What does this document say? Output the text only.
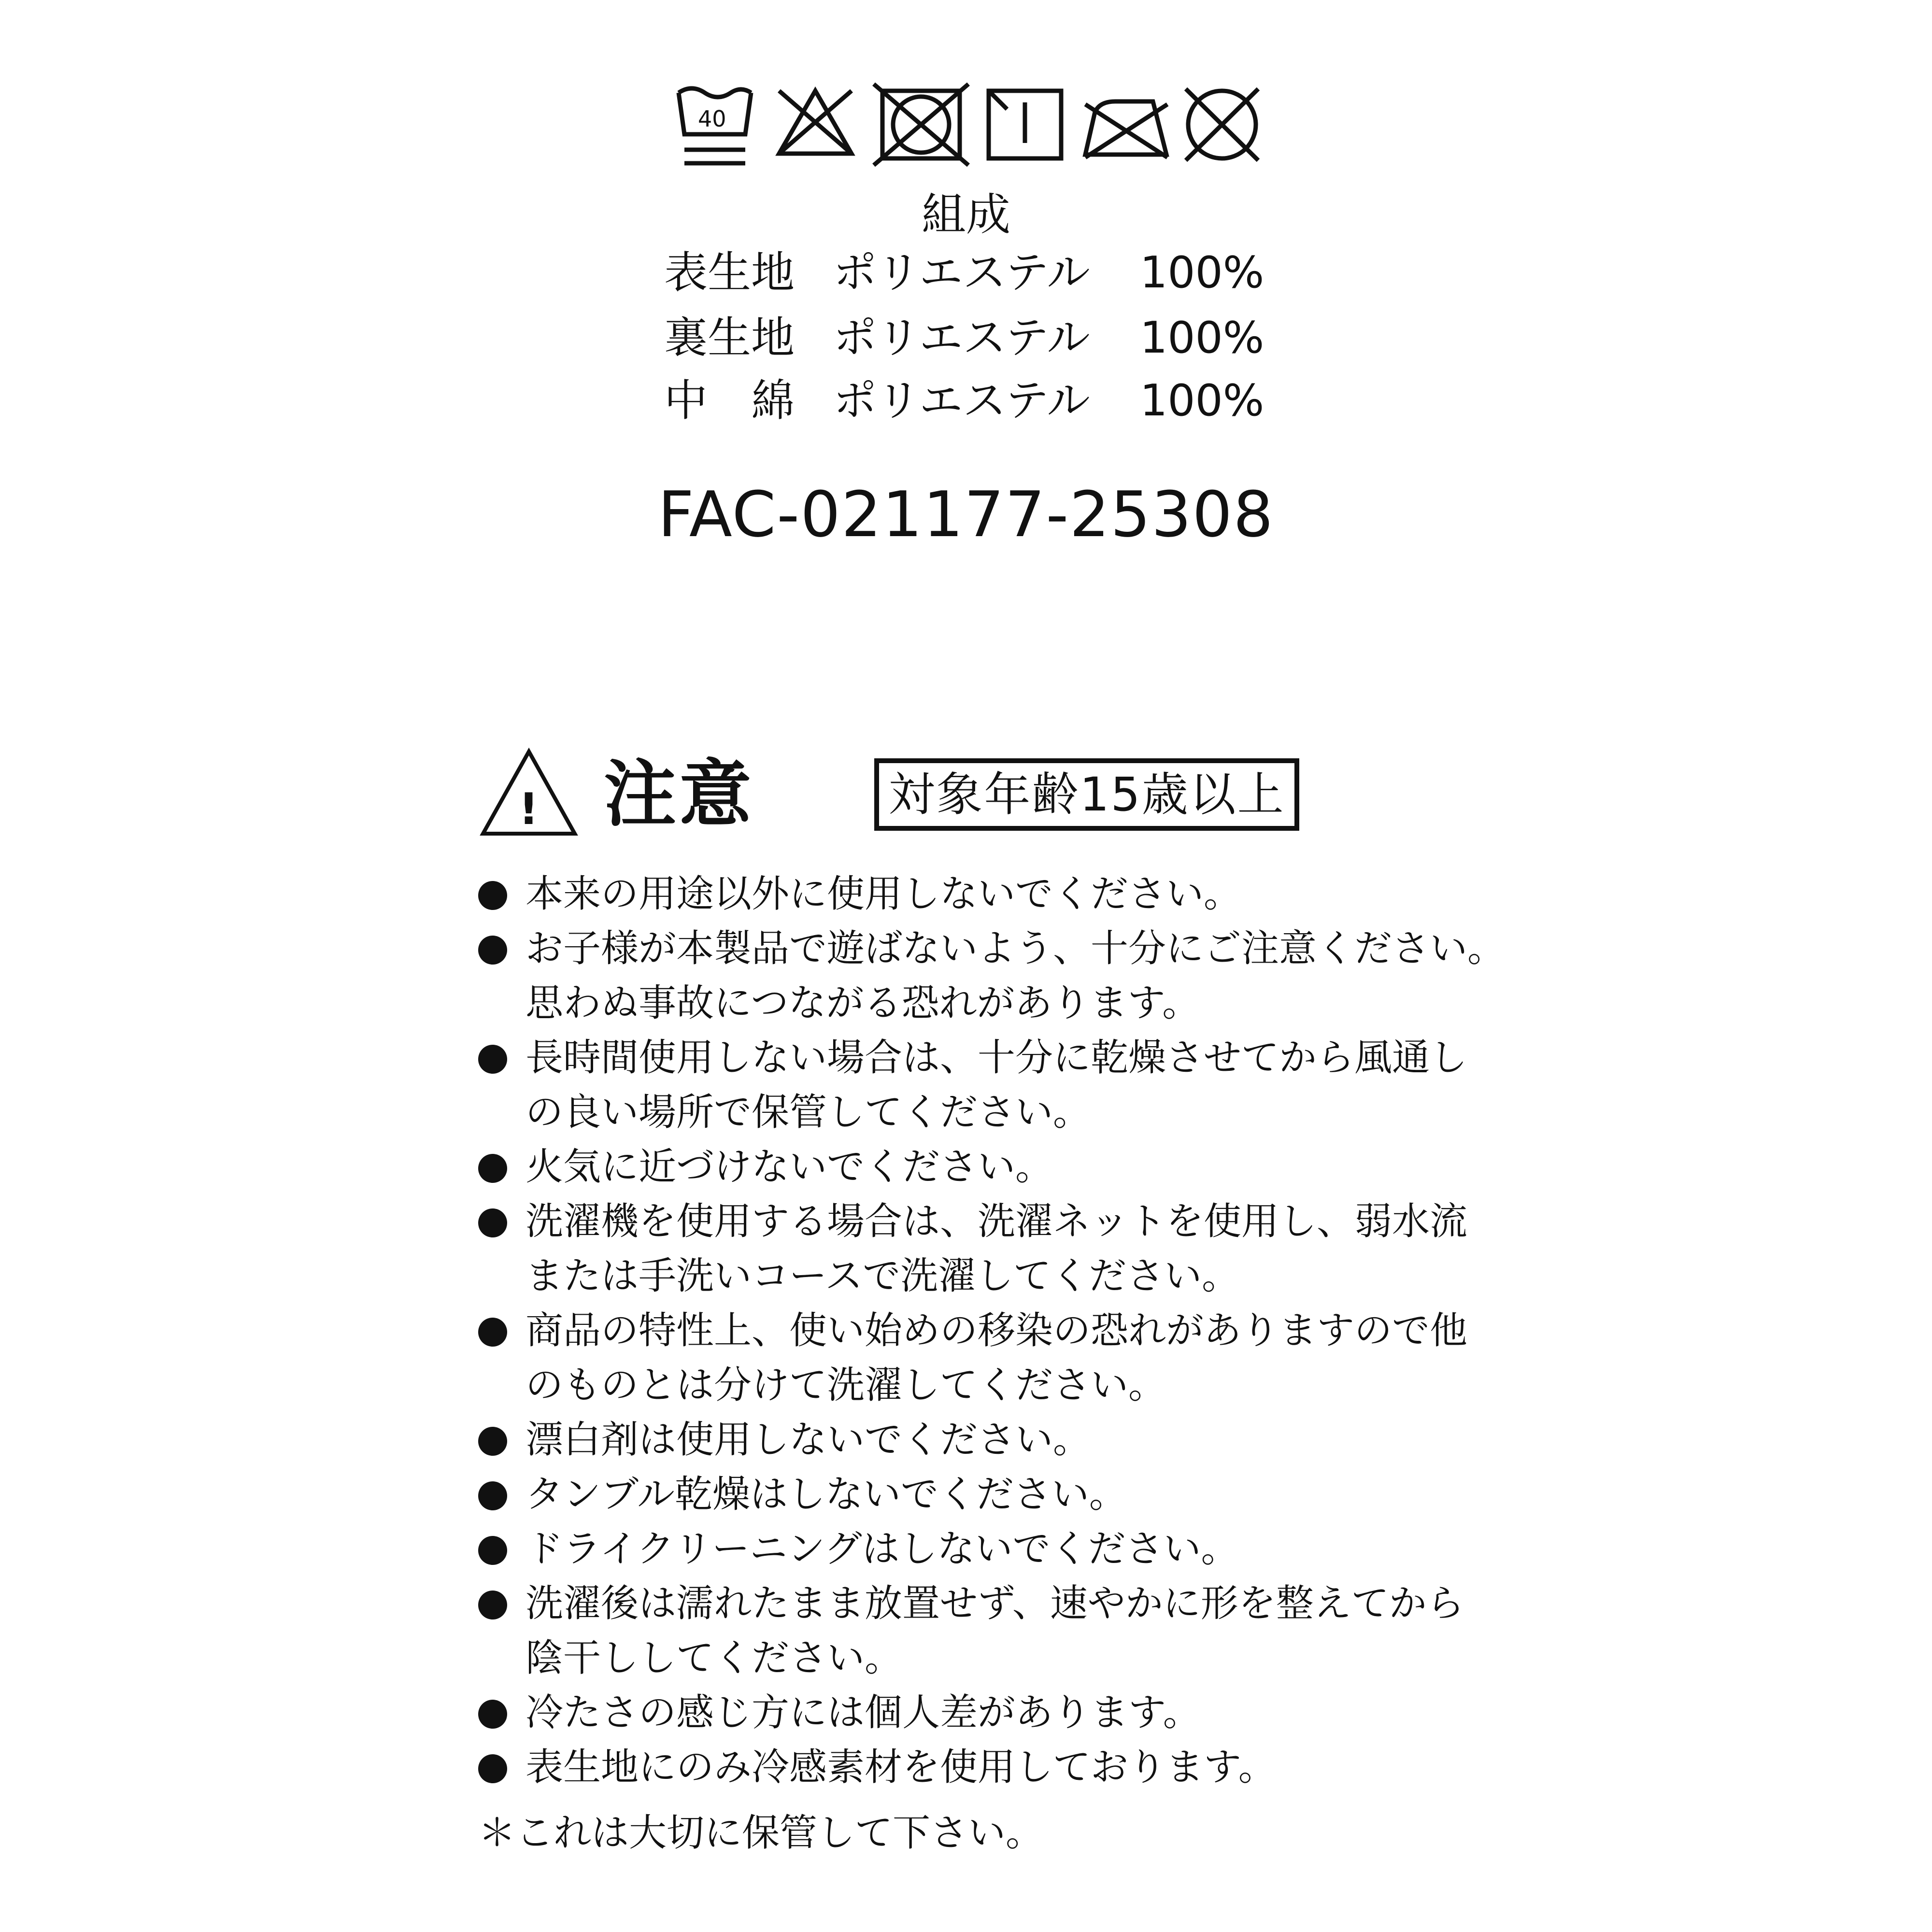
40
組成
表生地 ポリエステル 100%
裏生地 ポリエステル 100%
中　綿 ポリエステル 100%
FAC-021177-25308
! 注意	対象年齢15歳以上
本来の用途以外に使用しないでください。
お子様が本製品で遊ばないよう、十分にご注意ください。
思わぬ事故につながる恐れがあります。
長時間使用しない場合は、十分に乾燥させてから風通し
の良い場所で保管してください。
火気に近づけないでください。
洗濯機を使用する場合は、洗濯ネットを使用し、弱水流
または手洗いコースで洗濯してください。
商品の特性上、使い始めの移染の恐れがありますので他
のものとは分けて洗濯してください。
漂白剤は使用しないでください。
タンブル乾燥はしないでください。
ドライクリーニングはしないでください。
洗濯後は濡れたまま放置せず、速やかに形を整えてから
陰干ししてください。
冷たさの感じ方には個人差があります。
表生地にのみ冷感素材を使用しております。
＊これは大切に保管して下さい。
